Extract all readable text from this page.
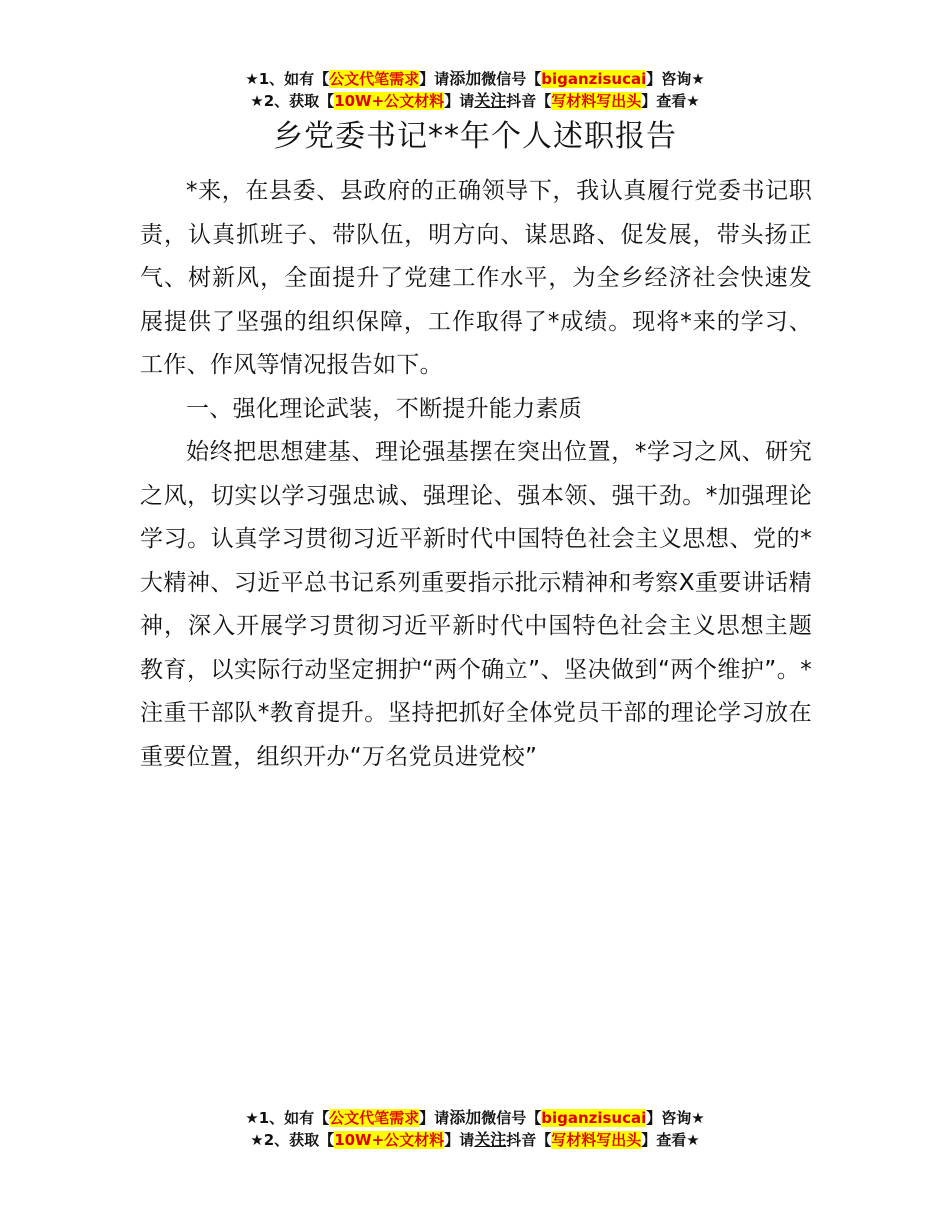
★1、如有【公文代笔需求】请添加微信号【biganzisucai】咨询★
★2、获取【10W+公文材料】请关注抖音【写材料写出头】查看★
乡党委书记**年个人述职报告

*来，在县委、县政府的正确领导下，我认真履行党委书记职责，认真抓班子、带队伍，明方向、谋思路、促发展，带头扬正气、树新风，全面提升了党建工作水平，为全乡经济社会快速发展提供了坚强的组织保障，工作取得了*成绩。现将*来的学习、工作、作风等情况报告如下。

一、强化理论武装，不断提升能力素质

始终把思想建基、理论强基摆在突出位置，*学习之风、研究之风，切实以学习强忠诚、强理论、强本领、强干劲。*加强理论学习。认真学习贯彻习近平新时代中国特色社会主义思想、党的*大精神、习近平总书记系列重要指示批示精神和考察X重要讲话精神，深入开展学习贯彻习近平新时代中国特色社会主义思想主题教育，以实际行动坚定拥护“两个确立”、坚决做到“两个维护”。*注重干部队*教育提升。坚持把抓好全体党员干部的理论学习放在重要位置，组织开办“万名党员进党校”

★1、如有【公文代笔需求】请添加微信号【biganzisucai】咨询★
★2、获取【10W+公文材料】请关注抖音【写材料写出头】查看★
